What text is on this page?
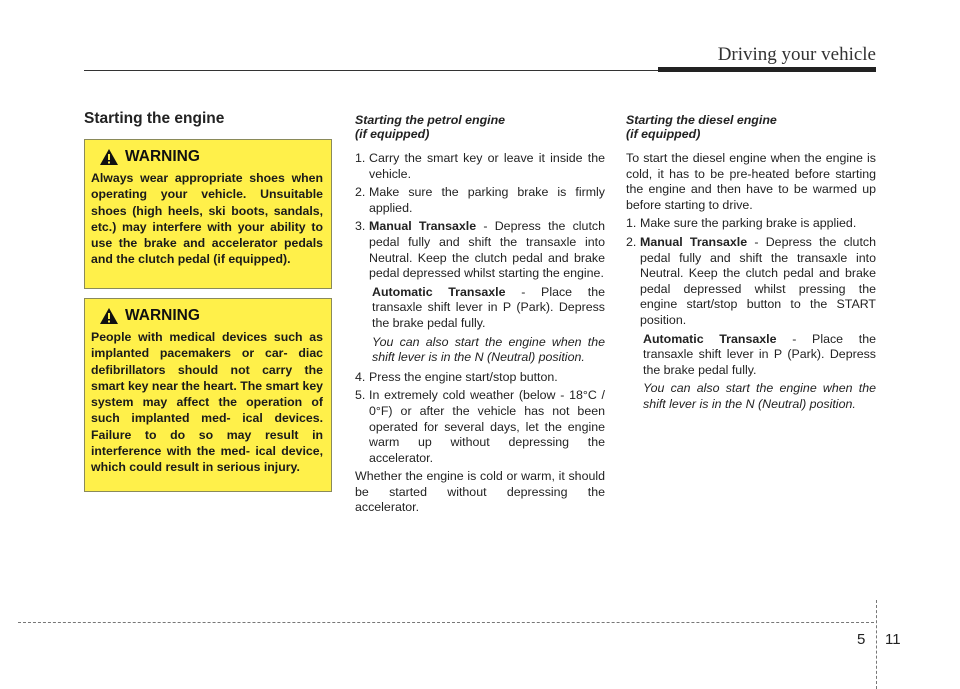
Driving your vehicle
Starting the engine
WARNING
Always wear appropriate shoes when operating your vehicle. Unsuitable shoes (high heels, ski boots, sandals, etc.) may interfere with your ability to use the brake and accelerator pedals and the clutch pedal (if equipped).
WARNING
People with medical devices such as implanted pacemakers or car- diac defibrillators should not carry the smart key near the heart. The smart key system may affect the operation of such implanted med- ical devices. Failure to do so may result in interference with the med- ical device, which could result in serious injury.
Starting the petrol engine
(if equipped)
1. Carry the smart key or leave it inside the vehicle.
2. Make sure the parking brake is firmly applied.
3. Manual Transaxle - Depress the clutch pedal fully and shift the transaxle into Neutral. Keep the clutch pedal and brake pedal depressed whilst starting the engine.
Automatic Transaxle - Place the transaxle shift lever in P (Park). Depress the brake pedal fully.
You can also start the engine when the shift lever is in the N (Neutral) position.
4. Press the engine start/stop button.
5. In extremely cold weather (below - 18°C / 0°F) or after the vehicle has not been operated for several days, let the engine warm up without depressing the accelerator.

Whether the engine is cold or warm, it should be started without depressing the accelerator.

Starting the diesel engine
(if equipped)

To start the diesel engine when the engine is cold, it has to be pre-heated before starting the engine and then have to be warmed up before starting to drive.

1. Make sure the parking brake is applied.
2. Manual Transaxle - Depress the clutch pedal fully and shift the transaxle into Neutral. Keep the clutch pedal and brake pedal depressed whilst pressing the engine start/stop button to the START position.
Automatic Transaxle - Place the transaxle shift lever in P (Park). Depress the brake pedal fully.
You can also start the engine when the shift lever is in the N (Neutral) position.
5 11
